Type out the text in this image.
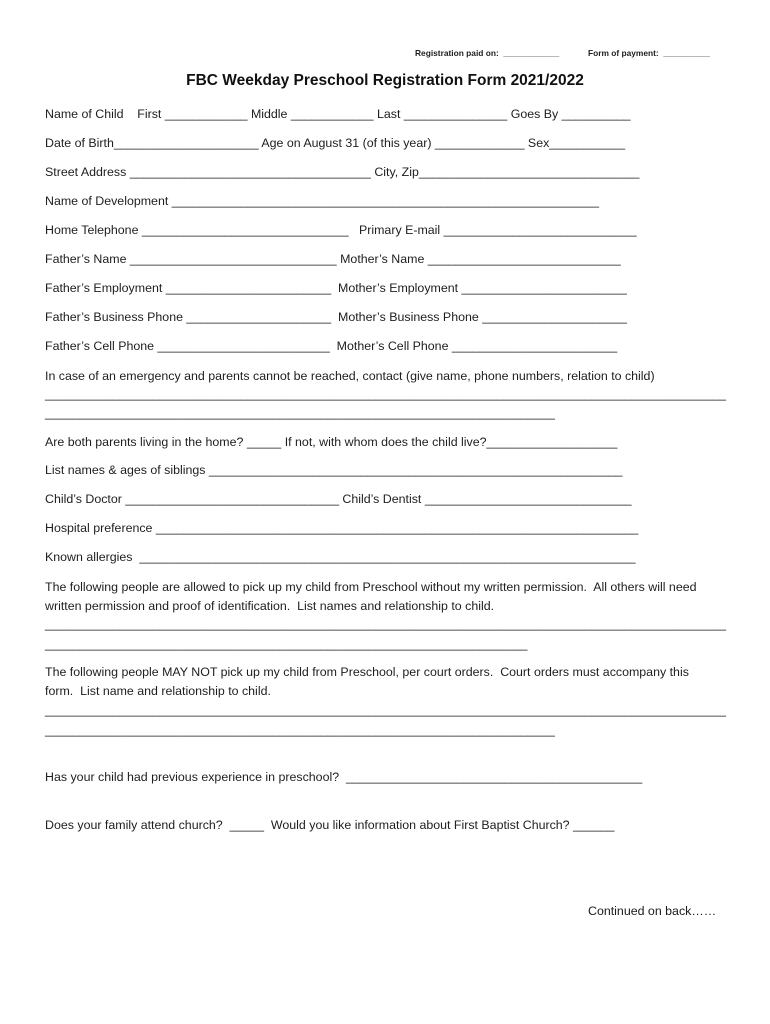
Registration paid on:  ____________	Form of payment:  __________
FBC Weekday Preschool Registration Form 2021/2022
Name of Child    First ____________ Middle ____________ Last _______________ Goes By __________
Date of Birth_____________________ Age on August 31 (of this year) _____________ Sex___________
Street Address ___________________________________ City, Zip________________________________
Name of Development ______________________________________________________________
Home Telephone ______________________________   Primary E-mail ____________________________
Father’s Name ______________________________ Mother’s Name ____________________________
Father’s Employment ________________________  Mother’s Employment ________________________
Father’s Business Phone _____________________  Mother’s Business Phone _____________________
Father’s Cell Phone _________________________  Mother’s Cell Phone ________________________
In case of an emergency and parents cannot be reached, contact (give name, phone numbers, relation to child)
_____________________________________________________________________________________________________
__________________________________________________________________________
Are both parents living in the home? _____ If not, with whom does the child live?___________________
List names & ages of siblings ____________________________________________________________
Child’s Doctor _______________________________ Child’s Dentist ______________________________
Hospital preference ______________________________________________________________________
Known allergies  ________________________________________________________________________
The following people are allowed to pick up my child from Preschool without my written permission.  All others will need
written permission and proof of identification.  List names and relationship to child.
_____________________________________________________________________________________________________
______________________________________________________________________
The following people MAY NOT pick up my child from Preschool, per court orders.  Court orders must accompany this
form.  List name and relationship to child.
_____________________________________________________________________________________________________
__________________________________________________________________________
Has your child had previous experience in preschool?  ___________________________________________
Does your family attend church?  _____  Would you like information about First Baptist Church? ______
Continued on back……
